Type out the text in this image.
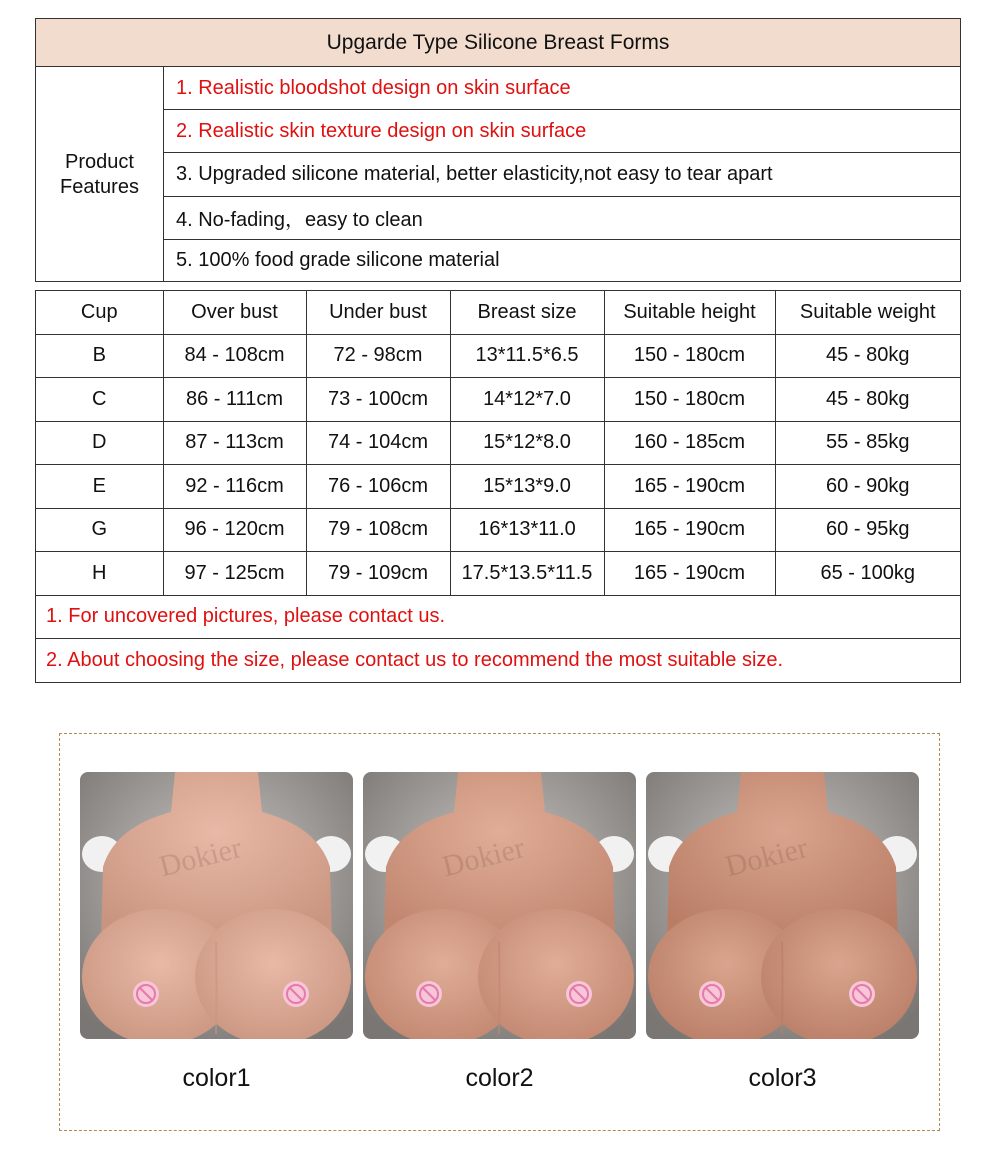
Upgarde Type Silicone Breast Forms
Product
Features
1. Realistic bloodshot design on skin surface
2. Realistic skin texture design on skin surface
3. Upgraded silicone material, better elasticity,not easy to tear apart
4. No-fading，easy to clean
5. 100% food grade silicone material
Cup	Over bust	Under bust	Breast size	Suitable height	Suitable weight
B	84 - 108cm	72 - 98cm	13*11.5*6.5	150 - 180cm	45 - 80kg
C	86 - 111cm	73 - 100cm	14*12*7.0	150 - 180cm	45 - 80kg
D	87 - 113cm	74 - 104cm	15*12*8.0	160 - 185cm	55 - 85kg
E	92 - 116cm	76 - 106cm	15*13*9.0	165 - 190cm	60 - 90kg
G	96 - 120cm	79 - 108cm	16*13*11.0	165 - 190cm	60 - 95kg
H	97 - 125cm	79 - 109cm	17.5*13.5*11.5	165 - 190cm	65 - 100kg
1. For uncovered pictures, please contact us.					
2. About choosing the size, please contact us to recommend the most suitable size.					
Dokier
color1
Dokier
color2
Dokier
color3
